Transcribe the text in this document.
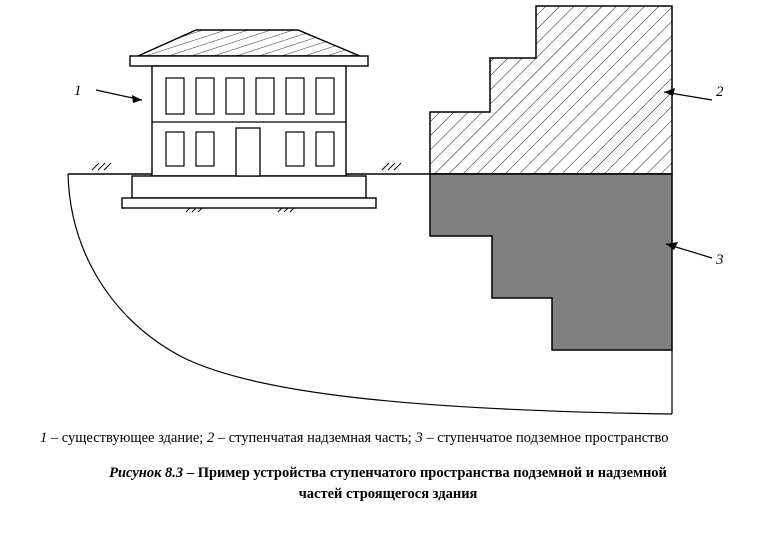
1	2
3
1 – существующее здание; 2 – ступенчатая надземная часть; 3 – ступенчатое подземное пространство
Рисунок 8.3 – Пример устройства ступенчатого пространства подземной и надземной частей строящегося здания
